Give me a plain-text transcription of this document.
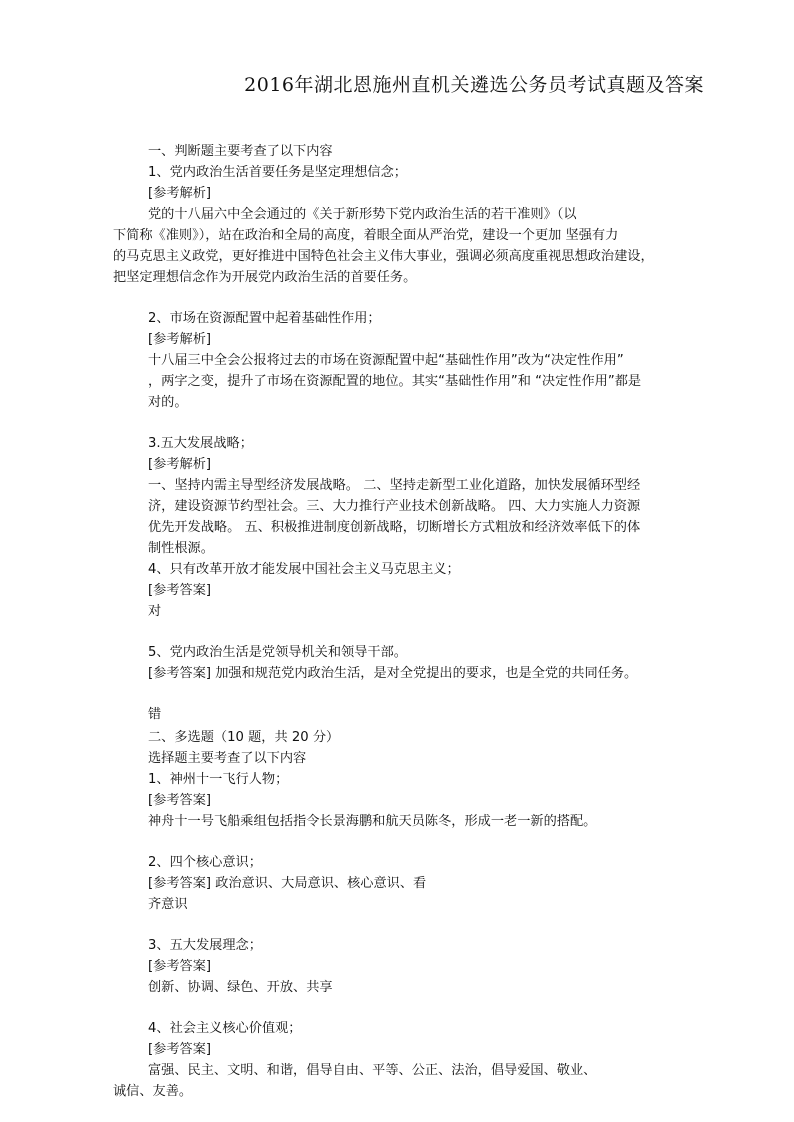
2016年湖北恩施州直机关遴选公务员考试真题及答案
一、判断题主要考查了以下内容
1、党内政治生活首要任务是坚定理想信念；
[参考解析]
党的十八届六中全会通过的《关于新形势下党内政治生活的若干准则》（以
下简称《准则》），站在政治和全局的高度，着眼全面从严治党，建设一个更加 坚强有力
的马克思主义政党，更好推进中国特色社会主义伟大事业，强调必须高度重视思想政治建设，
把坚定理想信念作为开展党内政治生活的首要任务。
2、市场在资源配置中起着基础性作用；
[参考解析]
十八届三中全会公报将过去的市场在资源配置中起“基础性作用”改为“决定性作用”
，两字之变，提升了市场在资源配置的地位。其实“基础性作用”和 “决定性作用”都是
对的。
3.五大发展战略；
[参考解析]
一、坚持内需主导型经济发展战略。 二、坚持走新型工业化道路，加快发展循环型经
济，建设资源节约型社会。三、大力推行产业技术创新战略。 四、大力实施人力资源
优先开发战略。 五、积极推进制度创新战略，切断增长方式粗放和经济效率低下的体
制性根源。
4、只有改革开放才能发展中国社会主义马克思主义；
[参考答案]
对
5、党内政治生活是党领导机关和领导干部。
[参考答案] 加强和规范党内政治生活，是对全党提出的要求，也是全党的共同任务。
错
二、多选题（10 题，共 20 分）
选择题主要考查了以下内容
1、神州十一飞行人物；
[参考答案]
神舟十一号飞船乘组包括指令长景海鹏和航天员陈冬，形成一老一新的搭配。
2、四个核心意识；
[参考答案] 政治意识、大局意识、核心意识、看
齐意识
3、五大发展理念；
[参考答案]
创新、协调、绿色、开放、共享
4、社会主义核心价值观；
[参考答案]
富强、民主、文明、和谐，倡导自由、平等、公正、法治，倡导爱国、敬业、
诚信、友善。
